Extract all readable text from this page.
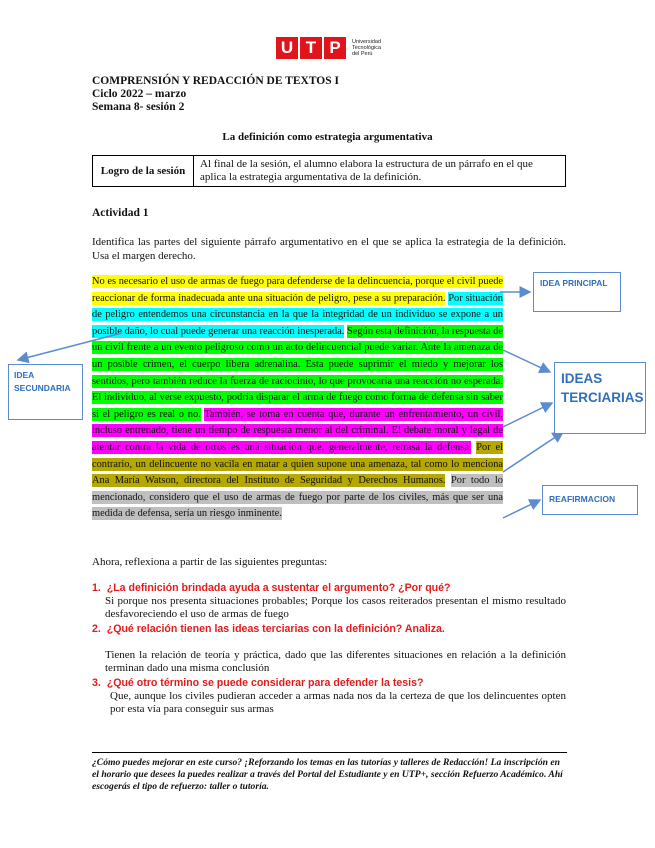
U T P	Universidad
Tecnológica
del Perú
COMPRENSIÓN Y REDACCIÓN DE TEXTOS I
Ciclo 2022 – marzo
Semana 8- sesión 2
La definición como estrategia argumentativa
Logro de la sesión	Al final de la sesión, el alumno elabora la estructura de un párrafo en el que aplica la estrategia argumentativa de la definición.
Actividad 1
Identifica las partes del siguiente párrafo argumentativo en el que se aplica la estrategia de la definición. Usa el margen derecho.
No es necesario el uso de armas de fuego para defenderse de la delincuencia, porque el civil puede reaccionar de forma inadecuada ante una situación de peligro, pese a su preparación. Por situación de peligro entendemos una circunstancia en la que la integridad de un individuo se expone a un posible daño, lo cual puede generar una reacción inesperada. Según esta definición, la respuesta de un civil frente a un evento peligroso como un acto delincuencial puede variar. Ante la amenaza de un posible crimen, el cuerpo libera adrenalina. Esta puede suprimir el miedo y mejorar los sentidos, pero también reduce la fuerza de raciocinio, lo que provocaría una reacción no esperada. El individuo, al verse expuesto, podría disparar el arma de fuego como forma de defensa sin saber si el peligro es real o no. También, se toma en cuenta que, durante un enfrentamiento, un civil, incluso entrenado, tiene un tiempo de respuesta menor al del criminal. El debate moral y legal de atentar contra la vida de otros es una situación que, generalmente, retrasa la defensa. Por el contrario, un delincuente no vacila en matar a quien supone una amenaza, tal como lo menciona Ana María Watson, directora del Instituto de Seguridad y Derechos Humanos. Por todo lo mencionado, considero que el uso de armas de fuego por parte de los civiles, más que ser una medida de defensa, sería un riesgo inminente.
IDEA PRINCIPAL
IDEA SECUNDARIA
IDEAS TERCIARIAS
REAFIRMACION
Ahora, reflexiona a partir de las siguientes preguntas:
1. ¿La definición brindada ayuda a sustentar el argumento? ¿Por qué?
Si porque nos presenta situaciones probables; Porque los casos reiterados presentan el mismo resultado desfavoreciendo el uso de armas de fuego
2. ¿Qué relación tienen las ideas terciarias con la definición? Analiza.
Tienen la relación de teoría y práctica, dado que las diferentes situaciones en relación a la definición terminan dado una misma conclusión
3. ¿Qué otro término se puede considerar para defender la tesis?
Que, aunque los civiles pudieran acceder a armas nada nos da la certeza de que los delincuentes opten por esta vía para conseguir sus armas
¿Cómo puedes mejorar en este curso? ¡Reforzando los temas en las tutorías y talleres de Redacción! La inscripción en el horario que desees la puedes realizar a través del Portal del Estudiante y en UTP+, sección Refuerzo Académico. Ahí escogerás el tipo de refuerzo: taller o tutoría.
